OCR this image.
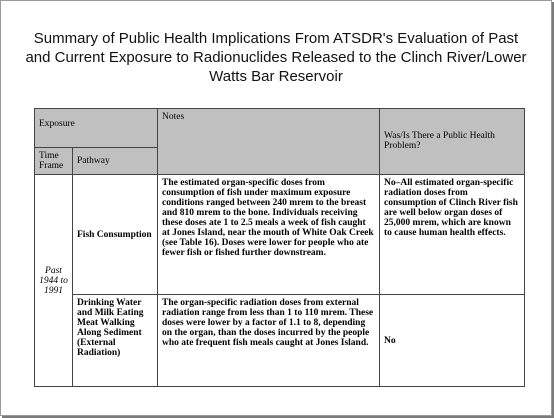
Summary of Public Health Implications From ATSDR's Evaluation of Past and Current Exposure to Radionuclides Released to the Clinch River/Lower Watts Bar Reservoir
Exposure		Notes	Was/Is There a Public Health Problem?
Time Frame	Pathway		
Past 1944 to 1991	Fish Consumption	The estimated organ-specific doses from consumption of fish under maximum exposure conditions ranged between 240 mrem to the breast and 810 mrem to the bone. Individuals receiving these doses ate 1 to 2.5 meals a week of fish caught at Jones Island, near the mouth of White Oak Creek (see Table 16). Doses were lower for people who ate fewer fish or fished further downstream.	No–All estimated organ-specific radiation doses from consumption of Clinch River fish are well below organ doses of 25,000 mrem, which are known to cause human health effects.
	Drinking Water and Milk Eating Meat Walking Along Sediment (External Radiation)	The organ-specific radiation doses from external radiation range from less than 1 to 110 mrem. These doses were lower by a factor of 1.1 to 8, depending on the organ, than the doses incurred by the people who ate frequent fish meals caught at Jones Island.	No
